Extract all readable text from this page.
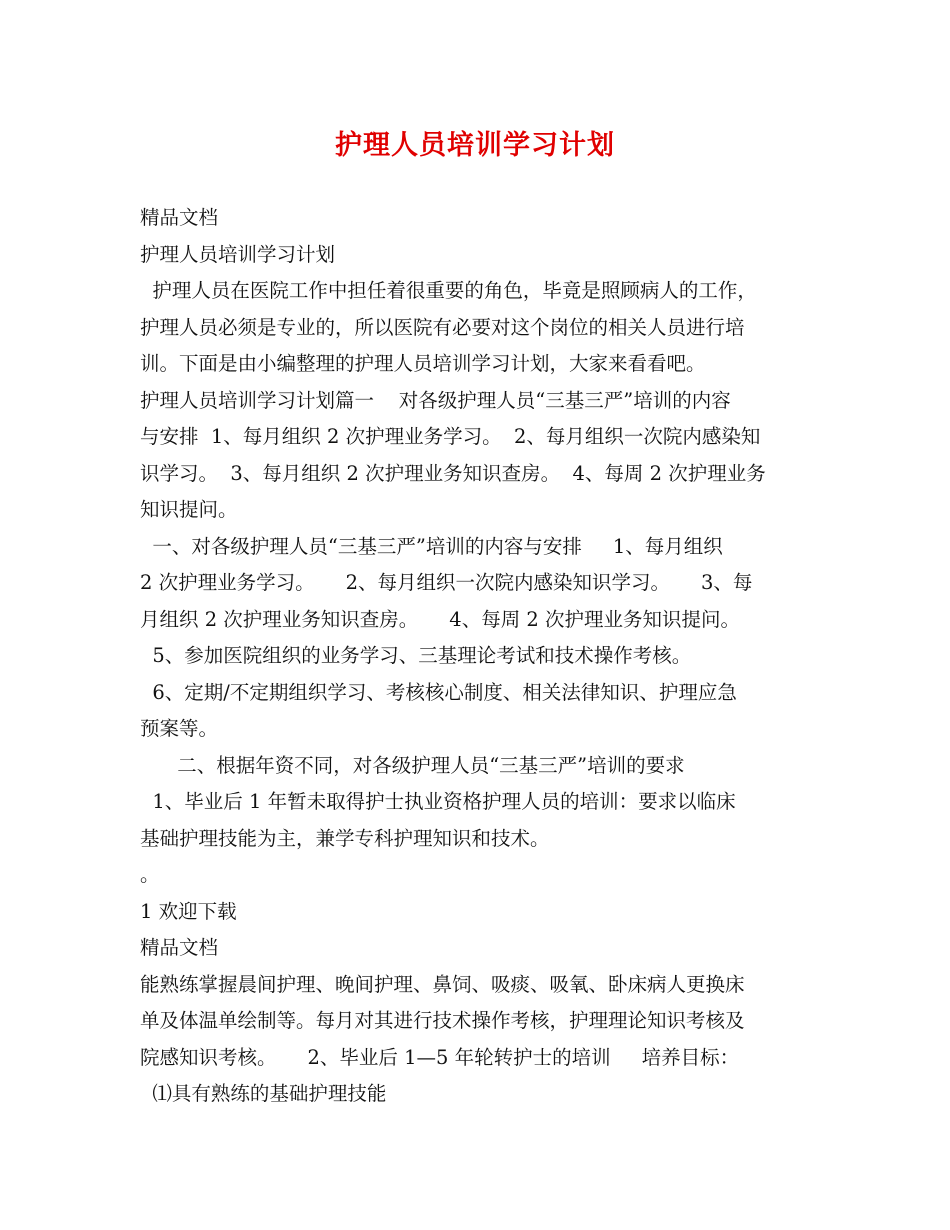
护理人员培训学习计划
精品文档
护理人员培训学习计划
护理人员在医院工作中担任着很重要的角色，毕竟是照顾病人的工作，
护理人员必须是专业的，所以医院有必要对这个岗位的相关人员进行培
训。下面是由小编整理的护理人员培训学习计划，大家来看看吧。
护理人员培训学习计划篇一    对各级护理人员“三基三严”培训的内容
与安排  1、每月组织 2 次护理业务学习。  2、每月组织一次院内感染知
识学习。  3、每月组织 2 次护理业务知识查房。  4、每周 2 次护理业务
知识提问。
一、对各级护理人员“三基三严”培训的内容与安排     1、每月组织
2 次护理业务学习。     2、每月组织一次院内感染知识学习。     3、每
月组织 2 次护理业务知识查房。     4、每周 2 次护理业务知识提问。
5、参加医院组织的业务学习、三基理论考试和技术操作考核。
6、定期/不定期组织学习、考核核心制度、相关法律知识、护理应急
预案等。
二、根据年资不同，对各级护理人员“三基三严”培训的要求
1、毕业后 1 年暂未取得护士执业资格护理人员的培训：要求以临床
基础护理技能为主，兼学专科护理知识和技术。
。
1 欢迎下载
精品文档
能熟练掌握晨间护理、晚间护理、鼻饲、吸痰、吸氧、卧床病人更换床
单及体温单绘制等。每月对其进行技术操作考核，护理理论知识考核及
院感知识考核。     2、毕业后 1—5 年轮转护士的培训     培养目标：
⑴具有熟练的基础护理技能
